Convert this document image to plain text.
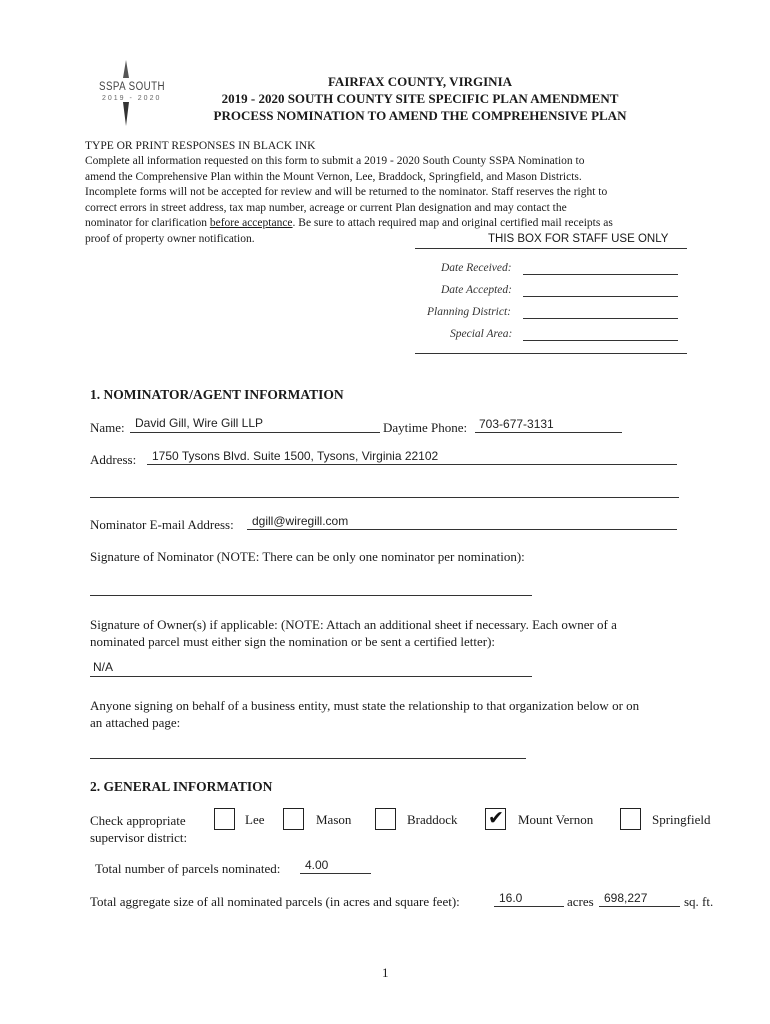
SSPA SOUTH
2019 - 2020
FAIRFAX COUNTY, VIRGINIA
2019 - 2020 SOUTH COUNTY SITE SPECIFIC PLAN AMENDMENT
PROCESS NOMINATION TO AMEND THE COMPREHENSIVE PLAN
TYPE OR PRINT RESPONSES IN BLACK INK
Complete all information requested on this form to submit a 2019 - 2020 South County SSPA Nomination to
amend the Comprehensive Plan within the Mount Vernon, Lee, Braddock, Springfield, and Mason Districts.
Incomplete forms will not be accepted for review and will be returned to the nominator. Staff reserves the right to
correct errors in street address, tax map number, acreage or current Plan designation and may contact the
nominator for clarification before acceptance. Be sure to attach required map and original certified mail receipts as
proof of property owner notification.	THIS BOX FOR STAFF USE ONLY
Date Received:
Date Accepted:
Planning District:
Special Area:
1. NOMINATOR/AGENT INFORMATION
Name: David Gill, Wire Gill LLP	Daytime Phone: 703-677-3131
Address: 1750 Tysons Blvd. Suite 1500, Tysons, Virginia 22102
Nominator E-mail Address: dgill@wiregill.com
Signature of Nominator (NOTE: There can be only one nominator per nomination):
Signature of Owner(s) if applicable: (NOTE: Attach an additional sheet if necessary. Each owner of a
nominated parcel must either sign the nomination or be sent a certified letter):
N/A
Anyone signing on behalf of a business entity, must state the relationship to that organization below or on
an attached page:
2. GENERAL INFORMATION
Check appropriate
supervisor district:
Lee	Mason	Braddock ✔ Mount Vernon	Springfield
Total number of parcels nominated: 4.00
Total aggregate size of all nominated parcels (in acres and square feet):	16.0	acres 698,227	sq. ft.
1
